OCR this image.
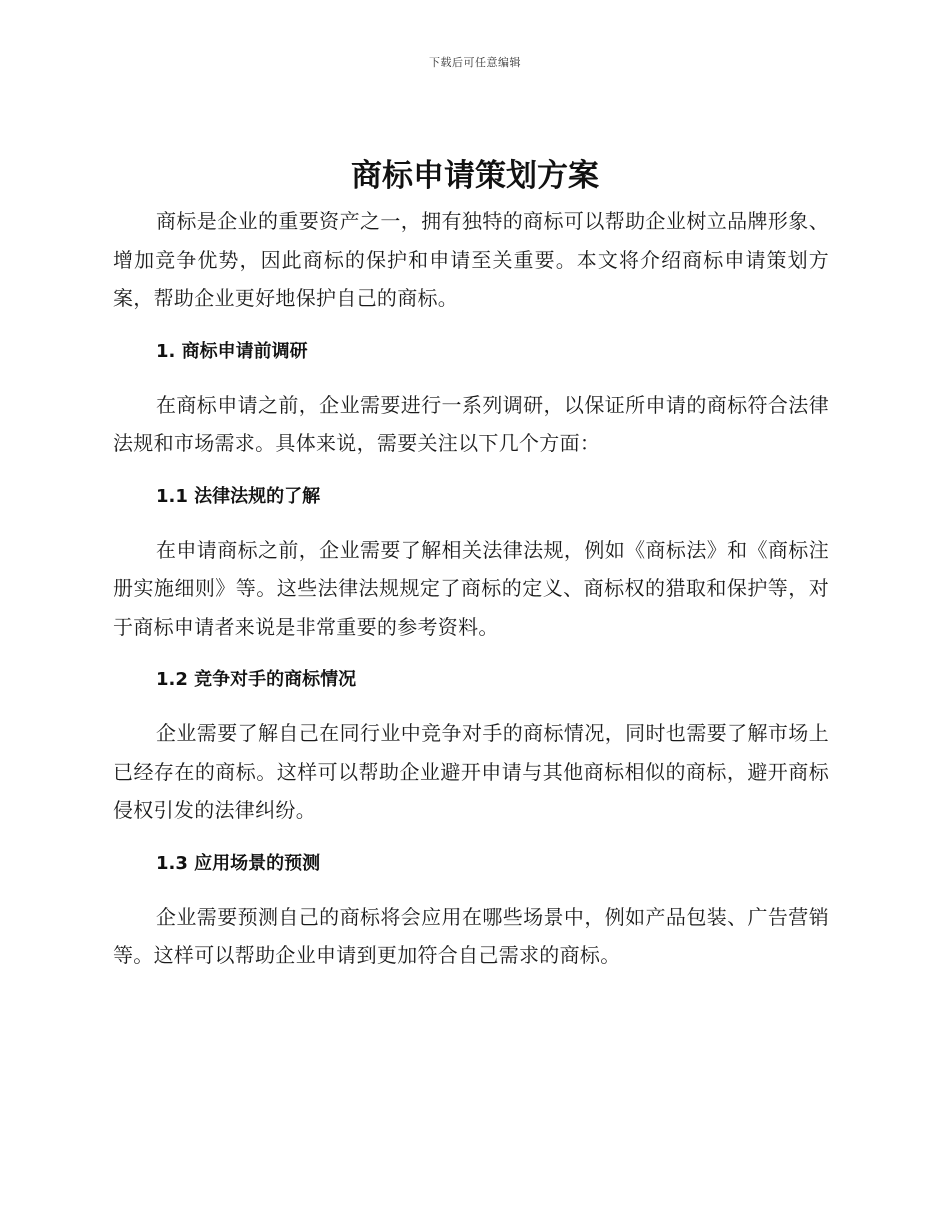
下载后可任意编辑
商标申请策划方案

商标是企业的重要资产之一，拥有独特的商标可以帮助企业树立品牌形象、增加竞争优势，因此商标的保护和申请至关重要。本文将介绍商标申请策划方案，帮助企业更好地保护自己的商标。

1. 商标申请前调研

在商标申请之前，企业需要进行一系列调研，以保证所申请的商标符合法律法规和市场需求。具体来说，需要关注以下几个方面：

1.1 法律法规的了解

在申请商标之前，企业需要了解相关法律法规，例如《商标法》和《商标注册实施细则》等。这些法律法规规定了商标的定义、商标权的猎取和保护等，对于商标申请者来说是非常重要的参考资料。

1.2 竞争对手的商标情况

企业需要了解自己在同行业中竞争对手的商标情况，同时也需要了解市场上已经存在的商标。这样可以帮助企业避开申请与其他商标相似的商标，避开商标侵权引发的法律纠纷。

1.3 应用场景的预测

企业需要预测自己的商标将会应用在哪些场景中，例如产品包装、广告营销等。这样可以帮助企业申请到更加符合自己需求的商标。
